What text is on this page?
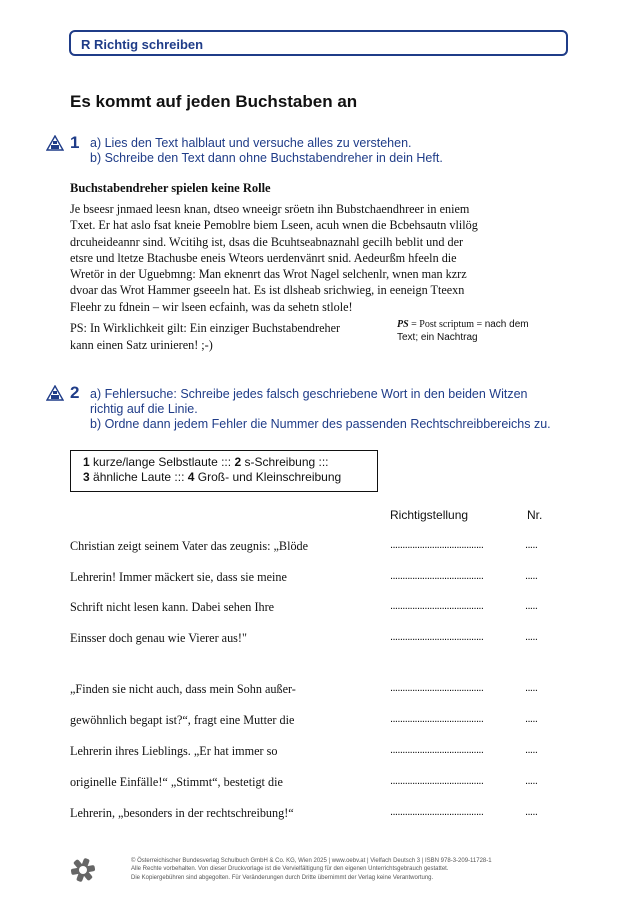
R Richtig schreiben
Es kommt auf jeden Buchstaben an
1 a) Lies den Text halblaut und versuche alles zu verstehen.
b) Schreibe den Text dann ohne Buchstabendreher in dein Heft.
Buchstabendreher spielen keine Rolle
Je bseesr jnmaed leesn knan, dtseo wneeigr sröetn ihn Bubstchaendhreer in eniem
Txet. Er hat aslo fsat kneie Pemoblre biem Lseen, acuh wnen die Bcbehsautn vlilög
drcuheideannr sind. Wcitihg ist, dsas die Bcuhtseabnaznahl gecilh beblit und der
etsre und ltetze Btachusbe eneis Wteors uerdenvänrt snid. Aedeurßm hfeeln die
Wretör in der Uguebmng: Man eknenrt das Wrot Nagel selchenlr, wnen man kzrz
dvoar das Wrot Hammer gseeeln hat. Es ist dlsheab srichwieg, in eeneign Tteexn
Fleehr zu fdnein – wir lseen ecfainh, was da sehetn stlole!
PS: In Wirklichkeit gilt: Ein einziger Buchstabendreher
kann einen Satz urinieren! ;-)
PS = Post scriptum = nach dem
Text; ein Nachtrag
2 a) Fehlersuche: Schreibe jedes falsch geschriebene Wort in den beiden Witzen
richtig auf die Linie.
b) Ordne dann jedem Fehler die Nummer des passenden Rechtschreibbereichs zu.
1 kurze/lange Selbstlaute ::: 2 s-Schreibung :::
3 ähnliche Laute ::: 4 Groß- und Kleinschreibung
Richtigstellung	Nr.
Christian zeigt seinem Vater das zeugnis: „Blöde	......................................	.....
Lehrerin! Immer mäckert sie, dass sie meine	......................................	.....
Schrift nicht lesen kann. Dabei sehen Ihre	......................................	.....
Einsser doch genau wie Vierer aus!"	......................................	.....
„Finden sie nicht auch, dass mein Sohn außer-	......................................	.....
gewöhnlich begapt ist?“, fragt eine Mutter die	......................................	.....
Lehrerin ihres Lieblings. „Er hat immer so	......................................	.....
originelle Einfälle!“ „Stimmt“, bestetigt die	......................................	.....
Lehrerin, „besonders in der rechtschreibung!“	......................................	.....
© Österreichischer Bundesverlag Schulbuch GmbH & Co. KG, Wien 2025 | www.oebv.at | Vielfach Deutsch 3 | ISBN 978-3-209-11728-1
Alle Rechte vorbehalten. Von dieser Druckvorlage ist die Vervielfältigung für den eigenen Unterrichtsgebrauch gestattet.
Die Kopiergebühren sind abgegolten. Für Veränderungen durch Dritte übernimmt der Verlag keine Verantwortung.
